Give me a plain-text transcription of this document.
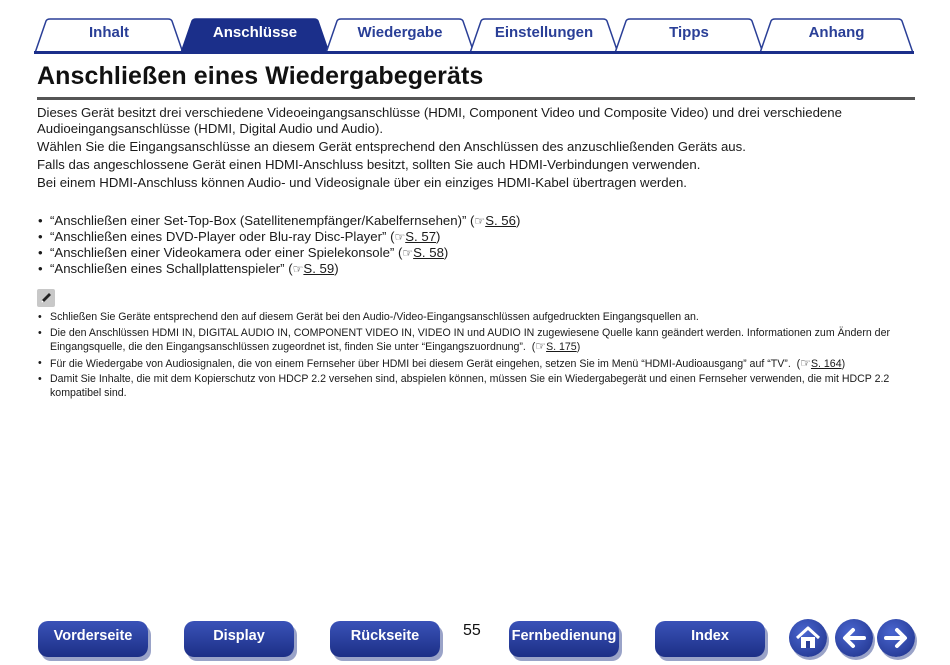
Inhalt	Anschlüsse	Wiedergabe	Einstellungen	Tipps	Anhang
Anschließen eines Wiedergabegeräts

Dieses Gerät besitzt drei verschiedene Videoeingangsanschlüsse (HDMI, Component Video und Composite Video) und drei verschiedene Audioeingangsanschlüsse (HDMI, Digital Audio und Audio).

Wählen Sie die Eingangsanschlüsse an diesem Gerät entsprechend den Anschlüssen des anzuschließenden Geräts aus.

Falls das angeschlossene Gerät einen HDMI-Anschluss besitzt, sollten Sie auch HDMI-Verbindungen verwenden.

Bei einem HDMI-Anschluss können Audio- und Videosignale über ein einziges HDMI-Kabel übertragen werden.

• “Anschließen einer Set-Top-Box (Satellitenempfänger/Kabelfernsehen)” (☞S. 56)
• “Anschließen eines DVD-Player oder Blu-ray Disc-Player” (☞S. 57)
• “Anschließen einer Videokamera oder einer Spielekonsole” (☞S. 58)
• “Anschließen eines Schallplattenspieler” (☞S. 59)
• Schließen Sie Geräte entsprechend den auf diesem Gerät bei den Audio-/Video-Eingangsanschlüssen aufgedruckten Eingangsquellen an.
• Die den Anschlüssen HDMI IN, DIGITAL AUDIO IN, COMPONENT VIDEO IN, VIDEO IN und AUDIO IN zugewiesene Quelle kann geändert werden. Informationen zum Ändern der Eingangsquelle, die den Eingangsanschlüssen zugeordnet ist, finden Sie unter “Eingangszuordnung”.  (☞S. 175)
• Für die Wiedergabe von Audiosignalen, die von einem Fernseher über HDMI bei diesem Gerät eingehen, setzen Sie im Menü “HDMI-Audioausgang” auf “TV”.  (☞S. 164)
• Damit Sie Inhalte, die mit dem Kopierschutz von HDCP 2.2 versehen sind, abspielen können, müssen Sie ein Wiedergabegerät und einen Fernseher verwenden, die mit HDCP 2.2 kompatibel sind.
Vorderseite	Display	Rückseite	55 Fernbedienung	Index
